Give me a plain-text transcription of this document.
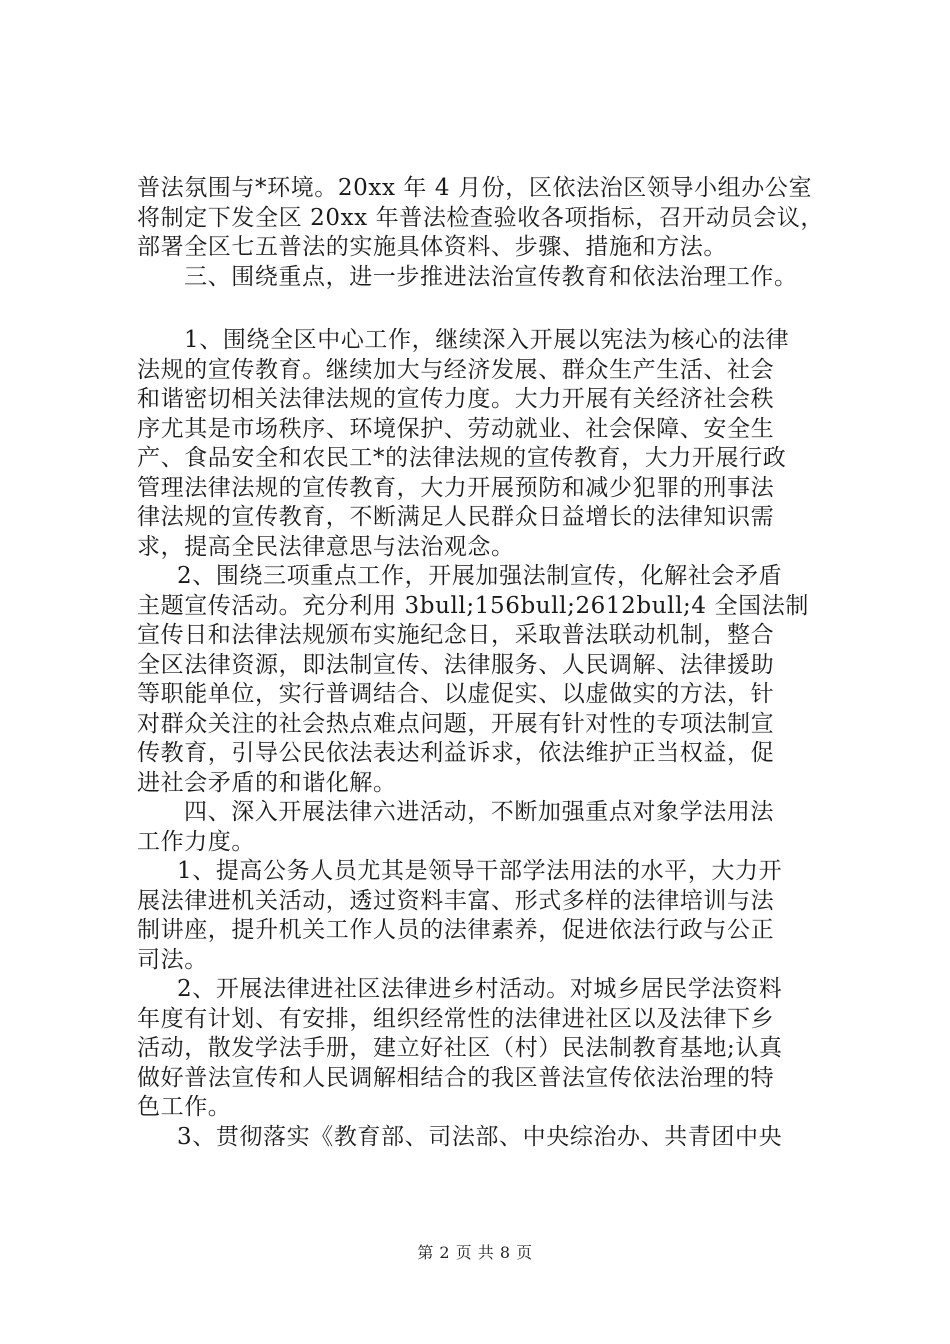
普法氛围与*环境。20xx 年 4 月份，区依法治区领导小组办公室
将制定下发全区 20xx 年普法检查验收各项指标，召开动员会议，
部署全区七五普法的实施具体资料、步骤、措施和方法。
三、围绕重点，进一步推进法治宣传教育和依法治理工作。
1、围绕全区中心工作，继续深入开展以宪法为核心的法律
法规的宣传教育。继续加大与经济发展、群众生产生活、社会
和谐密切相关法律法规的宣传力度。大力开展有关经济社会秩
序尤其是市场秩序、环境保护、劳动就业、社会保障、安全生
产、食品安全和农民工*的法律法规的宣传教育，大力开展行政
管理法律法规的宣传教育，大力开展预防和减少犯罪的刑事法
律法规的宣传教育，不断满足人民群众日益增长的法律知识需
求，提高全民法律意思与法治观念。
2、围绕三项重点工作，开展加强法制宣传，化解社会矛盾
主题宣传活动。充分利用 3bull;156bull;2612bull;4 全国法制
宣传日和法律法规颁布实施纪念日，采取普法联动机制，整合
全区法律资源，即法制宣传、法律服务、人民调解、法律援助
等职能单位，实行普调结合、以虚促实、以虚做实的方法，针
对群众关注的社会热点难点问题，开展有针对性的专项法制宣
传教育，引导公民依法表达利益诉求，依法维护正当权益，促
进社会矛盾的和谐化解。
四、深入开展法律六进活动，不断加强重点对象学法用法
工作力度。
1、提高公务人员尤其是领导干部学法用法的水平，大力开
展法律进机关活动，透过资料丰富、形式多样的法律培训与法
制讲座，提升机关工作人员的法律素养，促进依法行政与公正
司法。
2、开展法律进社区法律进乡村活动。对城乡居民学法资料
年度有计划、有安排，组织经常性的法律进社区以及法律下乡
活动，散发学法手册，建立好社区（村）民法制教育基地;认真
做好普法宣传和人民调解相结合的我区普法宣传依法治理的特
色工作。
3、贯彻落实《教育部、司法部、中央综治办、共青团中央
第 2 页 共 8 页
